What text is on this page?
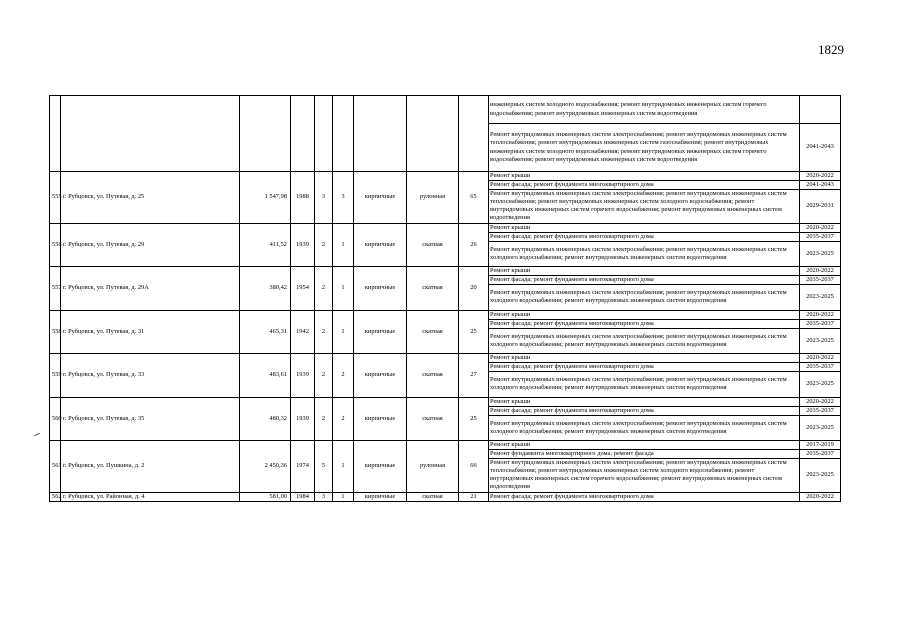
1829
									инженерных систем холодного водоснабжения; ремонт внутридомовых инженерных систем горячего водоснабжения; ремонт внутридомовых инженерных систем водоотведения	
									Ремонт внутридомовых инженерных систем электроснабжения; ремонт внутридомовых инженерных систем теплоснабжения; ремонт внутридомовых инженерных систем газоснабжения; ремонт внутридомовых инженерных систем холодного водоснабжения; ремонт внутридомовых инженерных систем горячего водоснабжения; ремонт внутридомовых инженерных систем водоотведения	2041-2043
555	г. Рубцовск, ул. Путевая, д. 25	1 547,98	1988	3	3	кирпичные	рулонная	65	Ремонт крыши	2020-2022
									Ремонт фасада; ремонт фундамента многоквартирного дома	2041-2043
									Ремонт внутридомовых инженерных систем электроснабжения; ремонт внутридомовых инженерных систем теплоснабжения; ремонт внутридомовых инженерных систем холодного водоснабжения; ремонт внутридомовых инженерных систем горячего водоснабжения; ремонт внутридомовых инженерных систем водоотведения	2029-2031
556	г. Рубцовск, ул. Путевая, д. 29	411,52	1939	2	1	кирпичные	скатная	26	Ремонт крыши	2020-2022
									Ремонт фасада; ремонт фундамента многоквартирного дома	2035-2037
									Ремонт внутридомовых инженерных систем электроснабжения; ремонт внутридомовых инженерных систем холодного водоснабжения; ремонт внутридомовых инженерных систем водоотведения	2023-2025
557	г. Рубцовск, ул. Путевая, д. 29А	380,42	1954	2	1	кирпичные	скатная	20	Ремонт крыши	2020-2022
									Ремонт фасада; ремонт фундамента многоквартирного дома	2035-2037
									Ремонт внутридомовых инженерных систем электроснабжения; ремонт внутридомовых инженерных систем холодного водоснабжения; ремонт внутридомовых инженерных систем водоотведения	2023-2025
558	г. Рубцовск, ул. Путевая, д. 31	465,31	1942	2	1	кирпичные	скатная	25	Ремонт крыши	2020-2022
									Ремонт фасада; ремонт фундамента многоквартирного дома	2035-2037
									Ремонт внутридомовых инженерных систем электроснабжения; ремонт внутридомовых инженерных систем холодного водоснабжения; ремонт внутридомовых инженерных систем водоотведения	2023-2025
559	г. Рубцовск, ул. Путевая, д. 33	483,61	1939	2	2	кирпичные	скатная	27	Ремонт крыши	2020-2022
									Ремонт фасада; ремонт фундамента многоквартирного дома	2035-2037
									Ремонт внутридомовых инженерных систем электроснабжения; ремонт внутридомовых инженерных систем холодного водоснабжения; ремонт внутридомовых инженерных систем водоотведения	2023-2025
560	г. Рубцовск, ул. Путевая, д. 35	480,32	1939	2	2	кирпичные	скатная	25	Ремонт крыши	2020-2022
									Ремонт фасада; ремонт фундамента многоквартирного дома	2035-2037
									Ремонт внутридомовых инженерных систем электроснабжения; ремонт внутридомовых инженерных систем холодного водоснабжения; ремонт внутридомовых инженерных систем водоотведения	2023-2025
561	г. Рубцовск, ул. Пушкина, д. 2	2 450,36	1974	5	1	кирпичные	рулонная	66	Ремонт крыши	2017-2019
									Ремонт фундамента многоквартирного дома; ремонт фасада	2035-2037
									Ремонт внутридомовых инженерных систем электроснабжения; ремонт внутридомовых инженерных систем теплоснабжения; ремонт внутридомовых инженерных систем холодного водоснабжения; ремонт внутридомовых инженерных систем горячего водоснабжения; ремонт внутридомовых инженерных систем водоотведения	2023-2025
562	г. Рубцовск, ул. Районная, д. 4	581,00	1984	3	1	кирпичные	скатная	21	Ремонт фасада; ремонт фундамента многоквартирного дома	2020-2022
